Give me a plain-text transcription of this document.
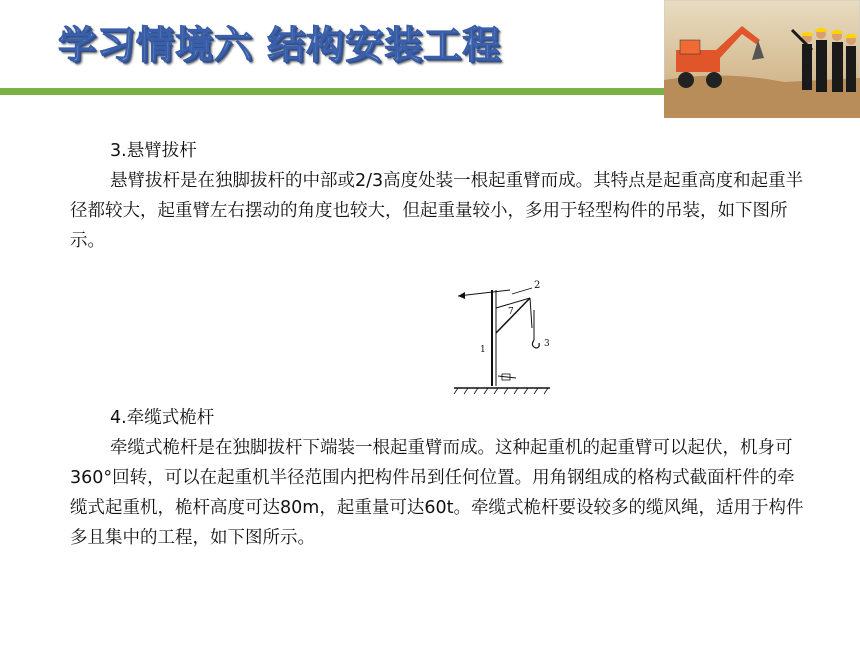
学习情境六 结构安装工程

3.悬臂拔杆

悬臂拔杆是在独脚拔杆的中部或2/3高度处装一根起重臂而成。其特点是起重高度和起重半径都较大，起重臂左右摆动的角度也较大，但起重量较小，多用于轻型构件的吊装，如下图所示。

2
7
1
3

4.牵缆式桅杆

牵缆式桅杆是在独脚拔杆下端装一根起重臂而成。这种起重机的起重臂可以起伏，机身可360°回转，可以在起重机半径范围内把构件吊到任何位置。用角钢组成的格构式截面杆件的牵缆式起重机，桅杆高度可达80m，起重量可达60t。牵缆式桅杆要设较多的缆风绳，适用于构件多且集中的工程，如下图所示。
